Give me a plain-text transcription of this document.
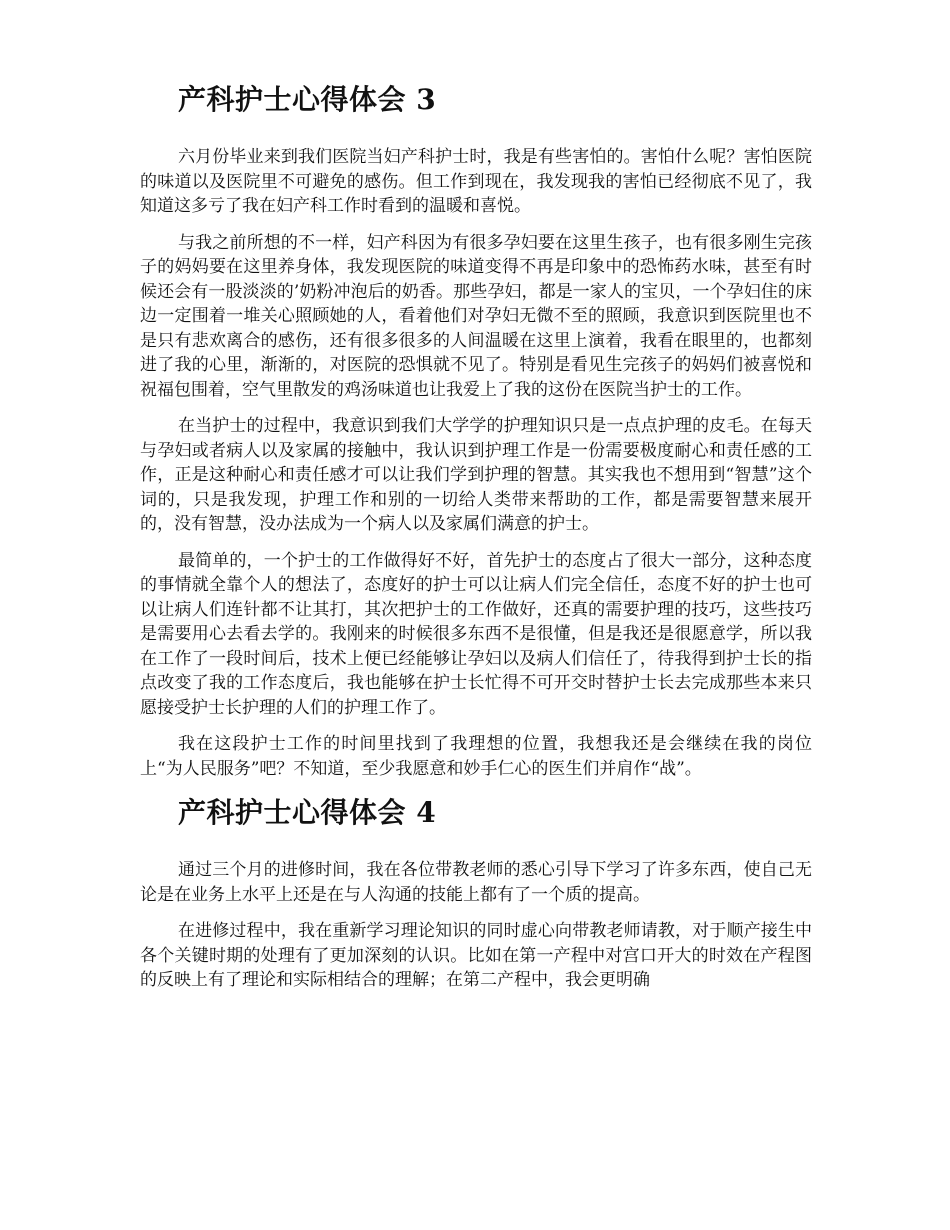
产科护士心得体会 3

六月份毕业来到我们医院当妇产科护士时，我是有些害怕的。害怕什么呢？害怕医院的味道以及医院里不可避免的感伤。但工作到现在，我发现我的害怕已经彻底不见了，我知道这多亏了我在妇产科工作时看到的温暖和喜悦。

与我之前所想的不一样，妇产科因为有很多孕妇要在这里生孩子，也有很多刚生完孩子的妈妈要在这里养身体，我发现医院的味道变得不再是印象中的恐怖药水味，甚至有时候还会有一股淡淡的’奶粉冲泡后的奶香。那些孕妇，都是一家人的宝贝，一个孕妇住的床边一定围着一堆关心照顾她的人，看着他们对孕妇无微不至的照顾，我意识到医院里也不是只有悲欢离合的感伤，还有很多很多的人间温暖在这里上演着，我看在眼里的，也都刻进了我的心里，渐渐的，对医院的恐惧就不见了。特别是看见生完孩子的妈妈们被喜悦和祝福包围着，空气里散发的鸡汤味道也让我爱上了我的这份在医院当护士的工作。

在当护士的过程中，我意识到我们大学学的护理知识只是一点点护理的皮毛。在每天与孕妇或者病人以及家属的接触中，我认识到护理工作是一份需要极度耐心和责任感的工作，正是这种耐心和责任感才可以让我们学到护理的智慧。其实我也不想用到“智慧”这个词的，只是我发现，护理工作和别的一切给人类带来帮助的工作，都是需要智慧来展开的，没有智慧，没办法成为一个病人以及家属们满意的护士。

最简单的，一个护士的工作做得好不好，首先护士的态度占了很大一部分，这种态度的事情就全靠个人的想法了，态度好的护士可以让病人们完全信任，态度不好的护士也可以让病人们连针都不让其打，其次把护士的工作做好，还真的需要护理的技巧，这些技巧是需要用心去看去学的。我刚来的时候很多东西不是很懂，但是我还是很愿意学，所以我在工作了一段时间后，技术上便已经能够让孕妇以及病人们信任了，待我得到护士长的指点改变了我的工作态度后，我也能够在护士长忙得不可开交时替护士长去完成那些本来只愿接受护士长护理的人们的护理工作了。

我在这段护士工作的时间里找到了我理想的位置，我想我还是会继续在我的岗位上“为人民服务”吧？不知道，至少我愿意和妙手仁心的医生们并肩作“战”。

产科护士心得体会 4

通过三个月的进修时间，我在各位带教老师的悉心引导下学习了许多东西，使自己无论是在业务上水平上还是在与人沟通的技能上都有了一个质的提高。

在进修过程中，我在重新学习理论知识的同时虚心向带教老师请教，对于顺产接生中各个关键时期的处理有了更加深刻的认识。比如在第一产程中对宫口开大的时效在产程图的反映上有了理论和实际相结合的理解；在第二产程中，我会更明确
